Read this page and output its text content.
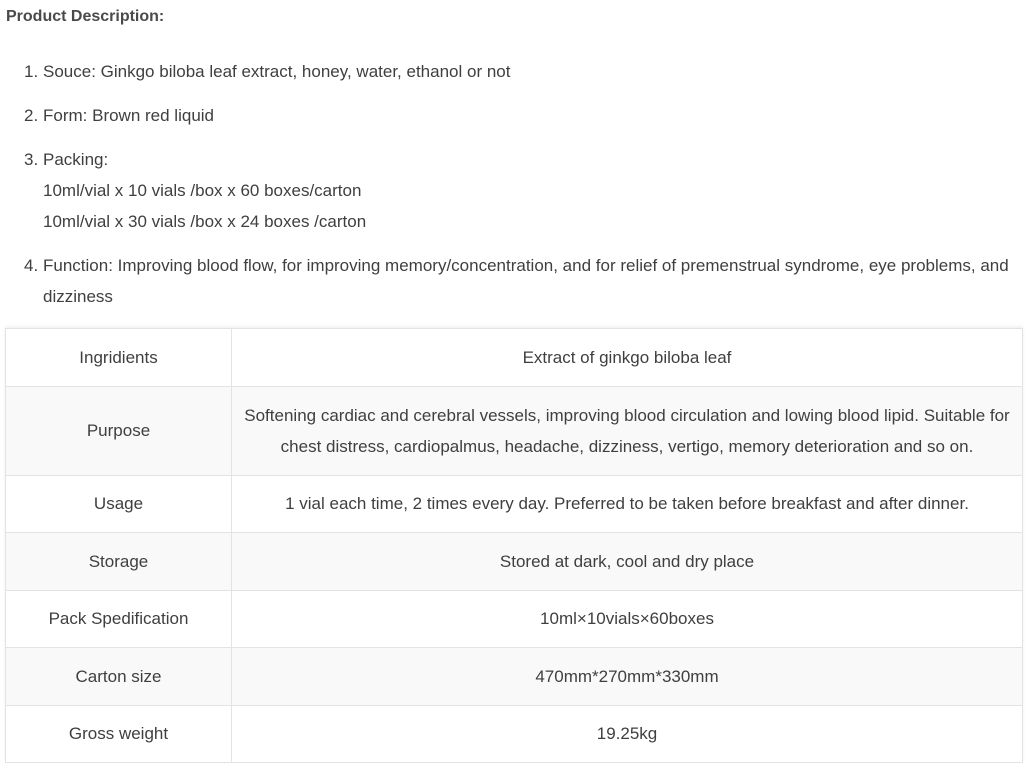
Product Description:
1. Souce: Ginkgo biloba leaf extract, honey, water, ethanol or not
2. Form: Brown red liquid
3. Packing:
10ml/vial x 10 vials /box x 60 boxes/carton
10ml/vial x 30 vials /box x 24 boxes /carton
4. Function: Improving blood flow, for improving memory/concentration, and for relief of premenstrual syndrome, eye problems, and dizziness
Ingridients	Extract of ginkgo biloba leaf
Purpose	Softening cardiac and cerebral vessels, improving blood circulation and lowing blood lipid. Suitable for chest distress, cardiopalmus, headache, dizziness, vertigo, memory deterioration and so on.
Usage	1 vial each time, 2 times every day. Preferred to be taken before breakfast and after dinner.
Storage	Stored at dark, cool and dry place
Pack Spedification	10ml×10vials×60boxes
Carton size	470mm*270mm*330mm
Gross weight	19.25kg
